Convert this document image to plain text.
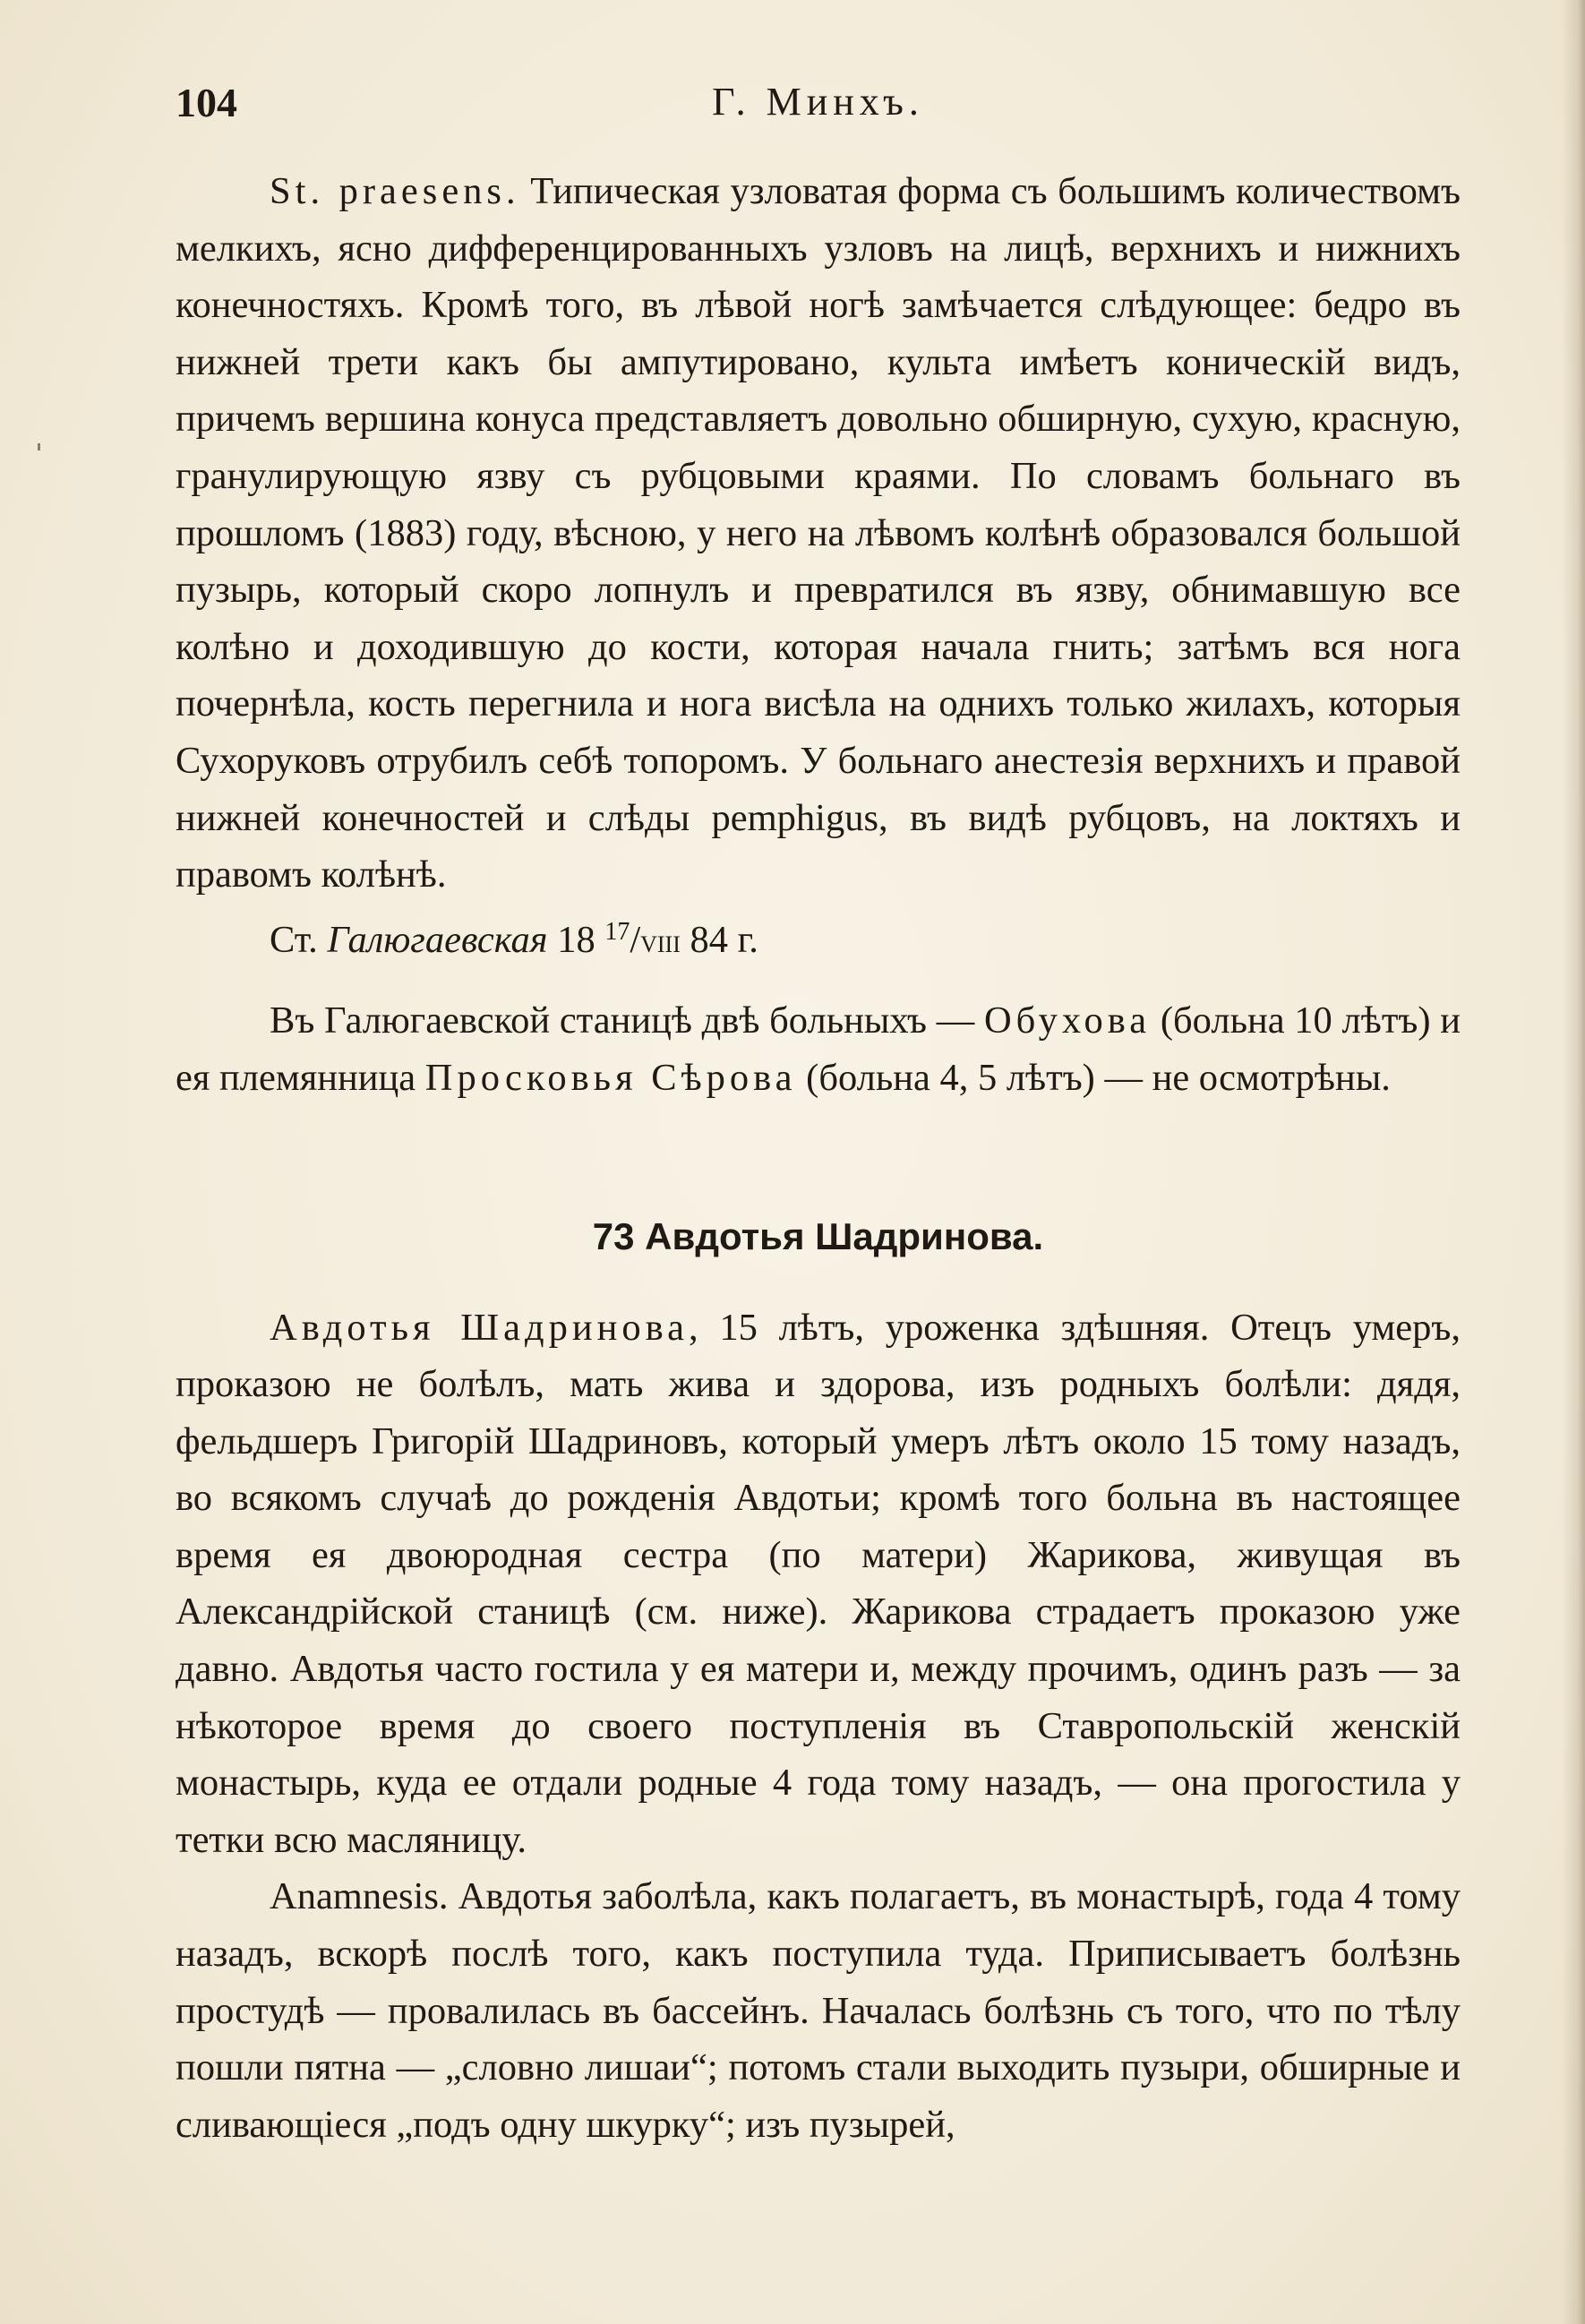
104	Г. Минхъ.

St. praesens. Типическая узловатая форма съ большимъ количествомъ мелкихъ, ясно дифференцированныхъ узловъ на лицѣ, верхнихъ и нижнихъ конечностяхъ. Кромѣ того, въ лѣвой ногѣ замѣчается слѣдующее: бедро въ нижней трети какъ бы ампутировано, культа имѣетъ коническій видъ, причемъ вершина конуса представляетъ довольно обширную, сухую, красную, гранулирующую язву съ рубцовыми краями. По словамъ больнаго въ прошломъ (1883) году, вѣсною, у него на лѣвомъ колѣнѣ образовался большой пузырь, который скоро лопнулъ и превратился въ язву, обнимавшую все колѣно и доходившую до кости, которая начала гнить; затѣмъ вся нога почернѣла, кость перегнила и нога висѣла на однихъ только жилахъ, которыя Сухоруковъ отрубилъ себѣ топоромъ. У больнаго анестезія верхнихъ и правой нижней конечностей и слѣды pemphigus, въ видѣ рубцовъ, на локтяхъ и правомъ колѣнѣ.

Ст. Галюгаевская 18 $^{17}$/VIII 84 г.

Въ Галюгаевской станицѣ двѣ больныхъ — Обухова (больна 10 лѣтъ) и ея племянница Просковья Сѣрова (больна 4, 5 лѣтъ) — не осмотрѣны.

73 Авдотья Шадринова.

Авдотья Шадринова, 15 лѣтъ, уроженка здѣшняя. Отецъ умеръ, проказою не болѣлъ, мать жива и здорова, изъ родныхъ болѣли: дядя, фельдшеръ Григорій Шадриновъ, который умеръ лѣтъ около 15 тому назадъ, во всякомъ случаѣ до рожденія Авдотьи; кромѣ того больна въ настоящее время ея двоюродная сестра (по матери) Жарикова, живущая въ Александрійской станицѣ (см. ниже). Жарикова страдаетъ проказою уже давно. Авдотья часто гостила у ея матери и, между прочимъ, одинъ разъ — за нѣкоторое время до своего поступленія въ Ставропольскій женскій монастырь, куда ее отдали родные 4 года тому назадъ, — она прогостила у тетки всю масляницу.

Anamnesis. Авдотья заболѣла, какъ полагаетъ, въ монастырѣ, года 4 тому назадъ, вскорѣ послѣ того, какъ поступила туда. Приписываетъ болѣзнь простудѣ — провалилась въ бассейнъ. Началась болѣзнь съ того, что по тѣлу пошли пятна — „словно лишаи“; потомъ стали выходить пузыри, обширные и сливающіеся „подъ одну шкурку“; изъ пузырей,
